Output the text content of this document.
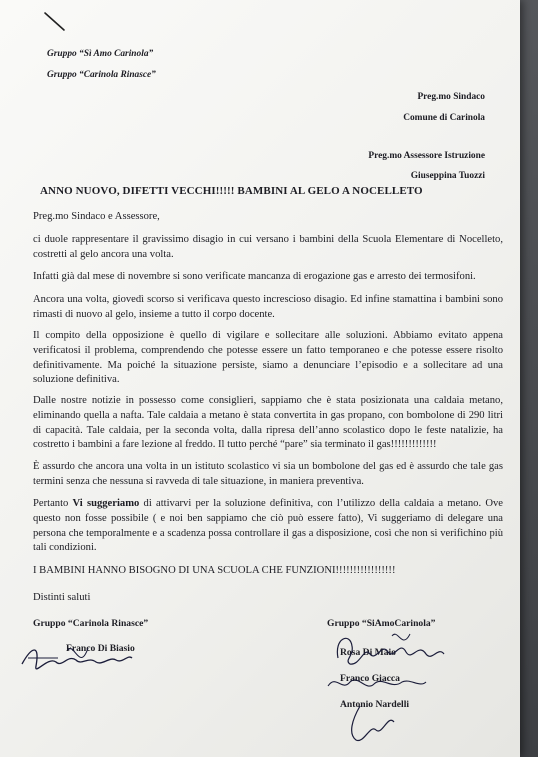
Gruppo “Sì Amo Carinola”
Gruppo “Carinola Rinasce”
Preg.mo Sindaco
Comune di Carinola
Preg.mo Assessore Istruzione
Giuseppina Tuozzi
ANNO NUOVO, DIFETTI VECCHI!!!!! BAMBINI AL GELO A NOCELLETO
Preg.mo Sindaco e Assessore,
ci duole rappresentare il gravissimo disagio in cui versano i bambini della Scuola Elementare di Nocelleto, costretti al gelo ancora una volta.
Infatti già dal mese di novembre si sono verificate mancanza di erogazione gas e arresto dei termosifoni.
Ancora una volta, giovedì scorso si verificava questo increscioso disagio. Ed infine stamattina i bambini sono rimasti di nuovo al gelo, insieme a tutto il corpo docente.
Il compito della opposizione è quello di vigilare e sollecitare alle soluzioni. Abbiamo evitato appena verificatosi il problema, comprendendo che potesse essere un fatto temporaneo e che potesse essere risolto definitivamente. Ma poiché la situazione persiste, siamo a denunciare l’episodio e a sollecitare ad una soluzione definitiva.
Dalle nostre notizie in possesso come consiglieri, sappiamo che è stata posizionata una caldaia metano, eliminando quella a nafta. Tale caldaia a metano è stata convertita in gas propano, con bombolone di 290 litri di capacità. Tale caldaia, per la seconda volta, dalla ripresa dell’anno scolastico dopo le feste natalizie, ha costretto i bambini a fare lezione al freddo. Il tutto perché “pare” sia terminato il gas!!!!!!!!!!!!!
È assurdo che ancora una volta in un istituto scolastico vi sia un bombolone del gas ed è assurdo che tale gas termini senza che nessuna si ravveda di tale situazione, in maniera preventiva.
Pertanto Vi suggeriamo di attivarvi per la soluzione definitiva, con l’utilizzo della caldaia a metano. Ove questo non fosse possibile ( e noi ben sappiamo che ciò può essere fatto), Vi suggeriamo di delegare una persona che temporalmente e a scadenza possa controllare il gas a disposizione, così che non si verifichino più tali condizioni.
I BAMBINI HANNO BISOGNO DI UNA SCUOLA CHE FUNZIONI!!!!!!!!!!!!!!!!!
Distinti saluti
Gruppo “Carinola Rinasce”
Franco Di Biasio
Gruppo “SiAmoCarinola”
Rosa Di Maio
Franco Giacca
Antonio Nardelli
